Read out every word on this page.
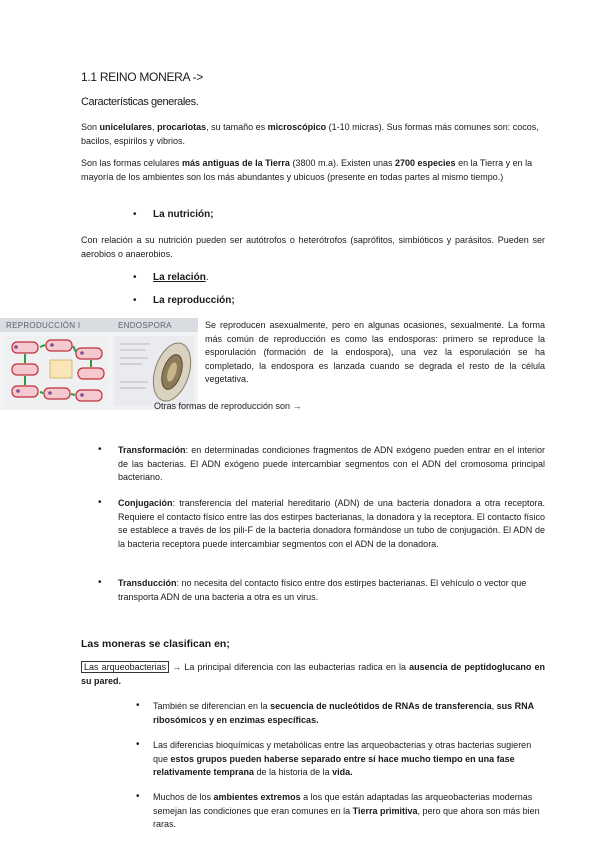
1.1 REINO MONERA ->

Características generales.

Son unicelulares, procariotas, su tamaño es microscópico (1-10 micras). Sus formas más comunes son: cocos, bacilos, espirilos y vibrios.

Son las formas celulares más antiguas de la Tierra (3800 m.a). Existen unas 2700 especies en la Tierra y en la mayoría de los ambientes son los más abundantes y ubicuos (presente en todas partes al mismo tiempo.)

• La nutrición;

Con relación a su nutrición pueden ser autótrofos o heterótrofos (saprófitos, simbióticos y parásitos. Pueden ser aerobios o anaerobios.

• La relación.

• La reproducción;

REPRODUCCIÓN I	ENDOSPORA	Se reproducen asexualmente, pero en algunas ocasiones, sexualmente. La forma más común de reproducción es como las endosporas: primero se reproduce la esporulación (formación de la endospora), una vez la esporulación se ha completado, la endospora es lanzada cuando se degrada el resto de la célula vegetativa.

Otras formas de reproducción son →

• Transformación: en determinadas condiciones fragmentos de ADN exógeno pueden entrar en el interior de las bacterias. El ADN exógeno puede intercambiar segmentos con el ADN del cromosoma principal bacteriano.

• Conjugación: transferencia del material hereditario (ADN) de una bacteria donadora a otra receptora. Requiere el contacto físico entre las dos estirpes bacterianas, la donadora y la receptora. El contacto físico se establece a través de los pili-F de la bacteria donadora formándose un tubo de conjugación. El ADN de la bacteria receptora puede intercambiar segmentos con el ADN de la donadora.

• Transducción: no necesita del contacto físico entre dos estirpes bacterianas. El vehículo o vector que transporta ADN de una bacteria a otra es un virus.

Las moneras se clasifican en;

Las arqueobacterias → La principal diferencia con las eubacterias radica en la ausencia de peptidoglucano en su pared.

• También se diferencian en la secuencia de nucleótidos de RNAs de transferencia, sus RNA ribosómicos y en enzimas específicas.

• Las diferencias bioquímicas y metabólicas entre las arqueobacterias y otras bacterias sugieren que estos grupos pueden haberse separado entre sí hace mucho tiempo en una fase relativamente temprana de la historia de la vida.

• Muchos de los ambientes extremos a los que están adaptadas las arqueobacterias modernas semejan las condiciones que eran comunes en la Tierra primitiva, pero que ahora son más bien raras.
